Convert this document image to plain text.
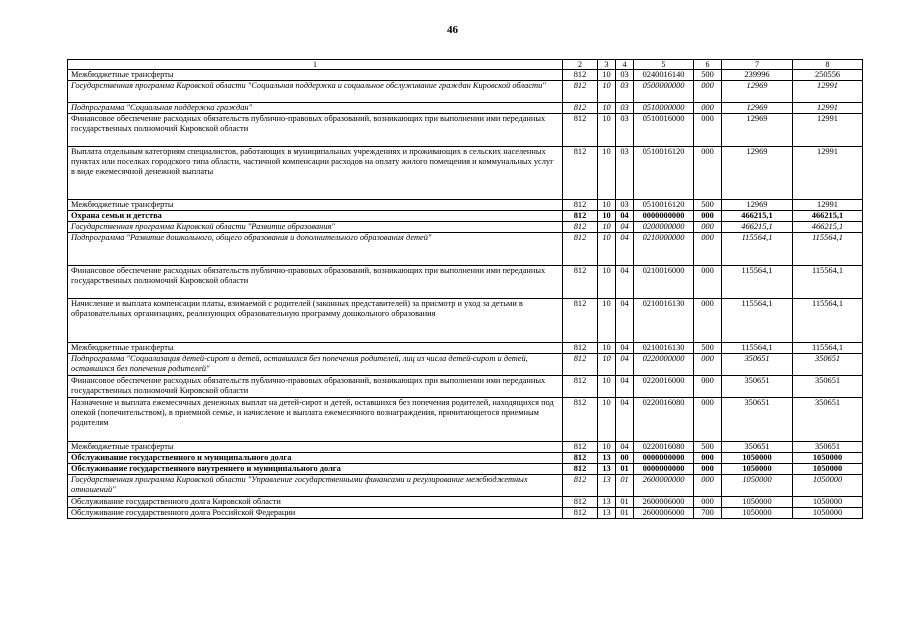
46
1	2	3	4	5	6	7	8
Межбюджетные трансферты	812	10	03	0240016140	500	239996	250556
Государственная программа Кировской области "Социальная поддержка и социальное обслуживание граждан Кировской области"	812	10	03	0500000000	000	12969	12991
Подпрограмма "Социальная поддержка граждан"	812	10	03	0510000000	000	12969	12991
Финансовое обеспечение расходных обязательств публично-правовых образований, возникающих при выполнении ими переданных государственных полномочий Кировской области	812	10	03	0510016000	000	12969	12991
Выплата отдельным категориям специалистов, работающих в муниципальных учреждениях и проживающих в сельских населенных пунктах или поселках городского типа области, частичной компенсации расходов на оплату жилого помещения и коммунальных услуг в виде ежемесячной денежной выплаты	812	10	03	0510016120	000	12969	12991
Межбюджетные трансферты	812	10	03	0510016120	500	12969	12991
Охрана семьи и детства	812	10	04	0000000000	000	466215,1	466215,1
Государственная программа Кировской области "Развитие образования"	812	10	04	0200000000	000	466215,1	466215,1
Подпрограмма "Развитие дошкольного, общего образования и дополнительного образования детей"	812	10	04	0210000000	000	115564,1	115564,1
Финансовое обеспечение расходных обязательств публично-правовых образований, возникающих при выполнении ими переданных государственных полномочий Кировской области	812	10	04	0210016000	000	115564,1	115564,1
Начисление и выплата компенсации платы, взимаемой с родителей (законных представителей) за присмотр и уход за детьми в образовательных организациях, реализующих образовательную программу дошкольного образования	812	10	04	0210016130	000	115564,1	115564,1
Межбюджетные трансферты	812	10	04	0210016130	500	115564,1	115564,1
Подпрограмма "Социализация детей-сирот и детей, оставшихся без попечения родителей, лиц из числа детей-сирот и детей, оставшихся без попечения родителей"	812	10	04	0220000000	000	350651	350651
Финансовое обеспечение расходных обязательств публично-правовых образований, возникающих при выполнении ими переданных государственных полномочий Кировской области	812	10	04	0220016000	000	350651	350651
Назначение и выплата ежемесячных денежных выплат на детей-сирот и детей, оставшихся без попечения родителей, находящихся под опекой (попечительством), в приемной семье, и начисление и выплата ежемесячного вознаграждения, причитающегося приемным родителям	812	10	04	0220016080	000	350651	350651
Межбюджетные трансферты	812	10	04	0220016080	500	350651	350651
Обслуживание государственного и муниципального долга	812	13	00	0000000000	000	1050000	1050000
Обслуживание государственного внутреннего и муниципального долга	812	13	01	0000000000	000	1050000	1050000
Государственная программа Кировской области "Управление государственными финансами и регулирование межбюджетных отношений"	812	13	01	2600000000	000	1050000	1050000
Обслуживание государственного долга Кировской области	812	13	01	2600006000	000	1050000	1050000
Обслуживание государственного долга Российской Федерации	812	13	01	2600006000	700	1050000	1050000
